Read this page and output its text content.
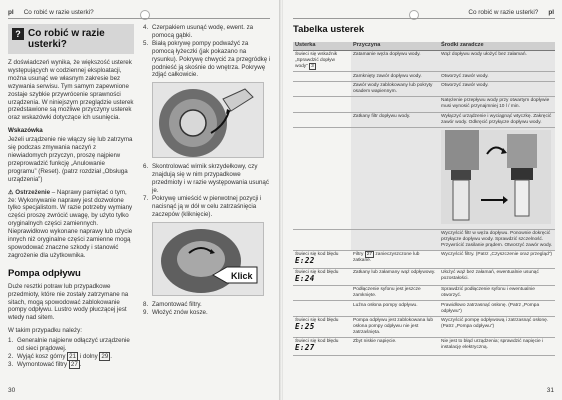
pl Co robić w razie usterki?
? Co robić w razie usterki?

Z doświadczeń wynika, że większość usterek występujących w codziennej eksploatacji, można usunąć we własnym zakresie bez wzywania serwisu. Tym samym zapewnione zostaje szybkie przywrócenie sprawności urządzenia. W niniejszym przeglądzie usterek przedstawione są możliwe przyczyny usterek oraz wskazówki dotyczące ich usunięcia.

Wskazówka

Jeżeli urządzenie nie włączy się lub zatrzyma się podczas zmywania naczyń z niewiadomych przyczyn, proszę najpierw przeprowadzić funkcję „Anulowanie programu” (Reset). (patrz rozdział „Obsługa urządzenia”)

⚠ Ostrzeżenie – Naprawy pamiętać o tym, że: Wykonywanie naprawy jest dozwolone tylko specjalistom. W razie potrzeby wymiany części proszę zwrócić uwagę, by użyto tylko oryginalnych części zamiennych. Nieprawidłowo wykonane naprawy lub użycie innych niż oryginalne części zamienne mogą spowodować znaczne szkody i stanowić zagrożenie dla użytkownika.

Pompa odpływu

Duże resztki potraw lub przypadkowe przedmioty, które nie zostały zatrzymane na sitach, mogą spowodować zablokowanie pompy odpływu. Lustro wody płuczącej jest wtedy nad sitem.

W takim przypadku należy:

1. Generalnie najpierw odłączyć urządzenie od sieci prądowej.
2. Wyjąć kosz górny 21 i dolny 29 .
3. Wymontować filtry 27 .
4. Czerpakiem usunąć wodę, ewent. za pomocą gąbki.
5. Białą pokrywę pompy podważyć za pomocą łyżeczki (jak pokazano na rysunku). Pokrywę chwycić za przegródkę i podnieść ją skośnie do wnętrza. Pokrywę zdjąć całkowicie.
6. Skontrolować wirnik skrzydełkowy, czy znajdują się w nim przypadkowe przedmioty i w razie występowania usunąć je.
7. Pokrywę umieścić w pierwotnej pozycji i nacisnąć ją w dół w celu zatrzaśnięcia zaczepów (kliknięcie).
Klick
8. Zamontować filtry.
9. Włożyć znów kosze.
30
Co robić w razie usterki? pl
Tabelka usterek
Usterka	Przyczyna	Środki zaradcze
Świeci się wskaźnik „Sprawdzić dopływ wody” 3	Zatamanie węża dopływu wody.	Wąż dopływu wody ułożyć bez załamań.
	Zamknięty zawór dopływu wody.	Otworzyć zawór wody.
	Zawór wody zablokowany lub pokryty osadem wapiennym.	Otworzyć zawór wody.
		Natężenie przepływu wody przy otwartym dopływie musi wynosić przynajmniej 10 l / min.
	Zatkany filtr dopływu wody.	Wyłączyć urządzenie i wyciągnąć wtyczkę. Zakręcić zawór wody. Odkręcić przyłącze dopływu wody.

		Wyczyścić filtr w węża dopływu. Ponownie dokręcić przyłącze dopływu wody. Sprawdzić szczelność. Przywrócić zasilanie prądem. Otworzyć zawór wody.
Świeci się kod błędu
E:22	Filtry 27 zanieczyszczone lub zatkane.	Wyczyścić filtry. (Patrz „Czyszczenie oraz przegląd”)
Świeci się kod błędu
E:24	Zatkany lub załamany wąż odpływowy.	Ułożyć wąż bez załamań, ewentualnie usunąć pozostałości.
	Podłączenie syfonu jest jeszcze zamknięte.	Sprawdzić podłączenie syfonu i ewentualnie otworzyć.
	Luźna osłona pompy odpływu.	Prawidłowo zatrzasnąć osłonę. (Patrz „Pompa odpływu”)
Świeci się kod błędu
E:25	Pompa odpływu jest zablokowana lub osłona pompy odpływu nie jest zatrzaśnięta.	Wyczyścić pompę odpływową i zatrzasnąć osłonę. (Patrz „Pompa odpływu”)
Świeci się kod błędu
E:27	Zbyt niskie napięcie.	Nie jest to błąd urządzenia; sprawdzić napięcie i instalację elektryczną.
31
